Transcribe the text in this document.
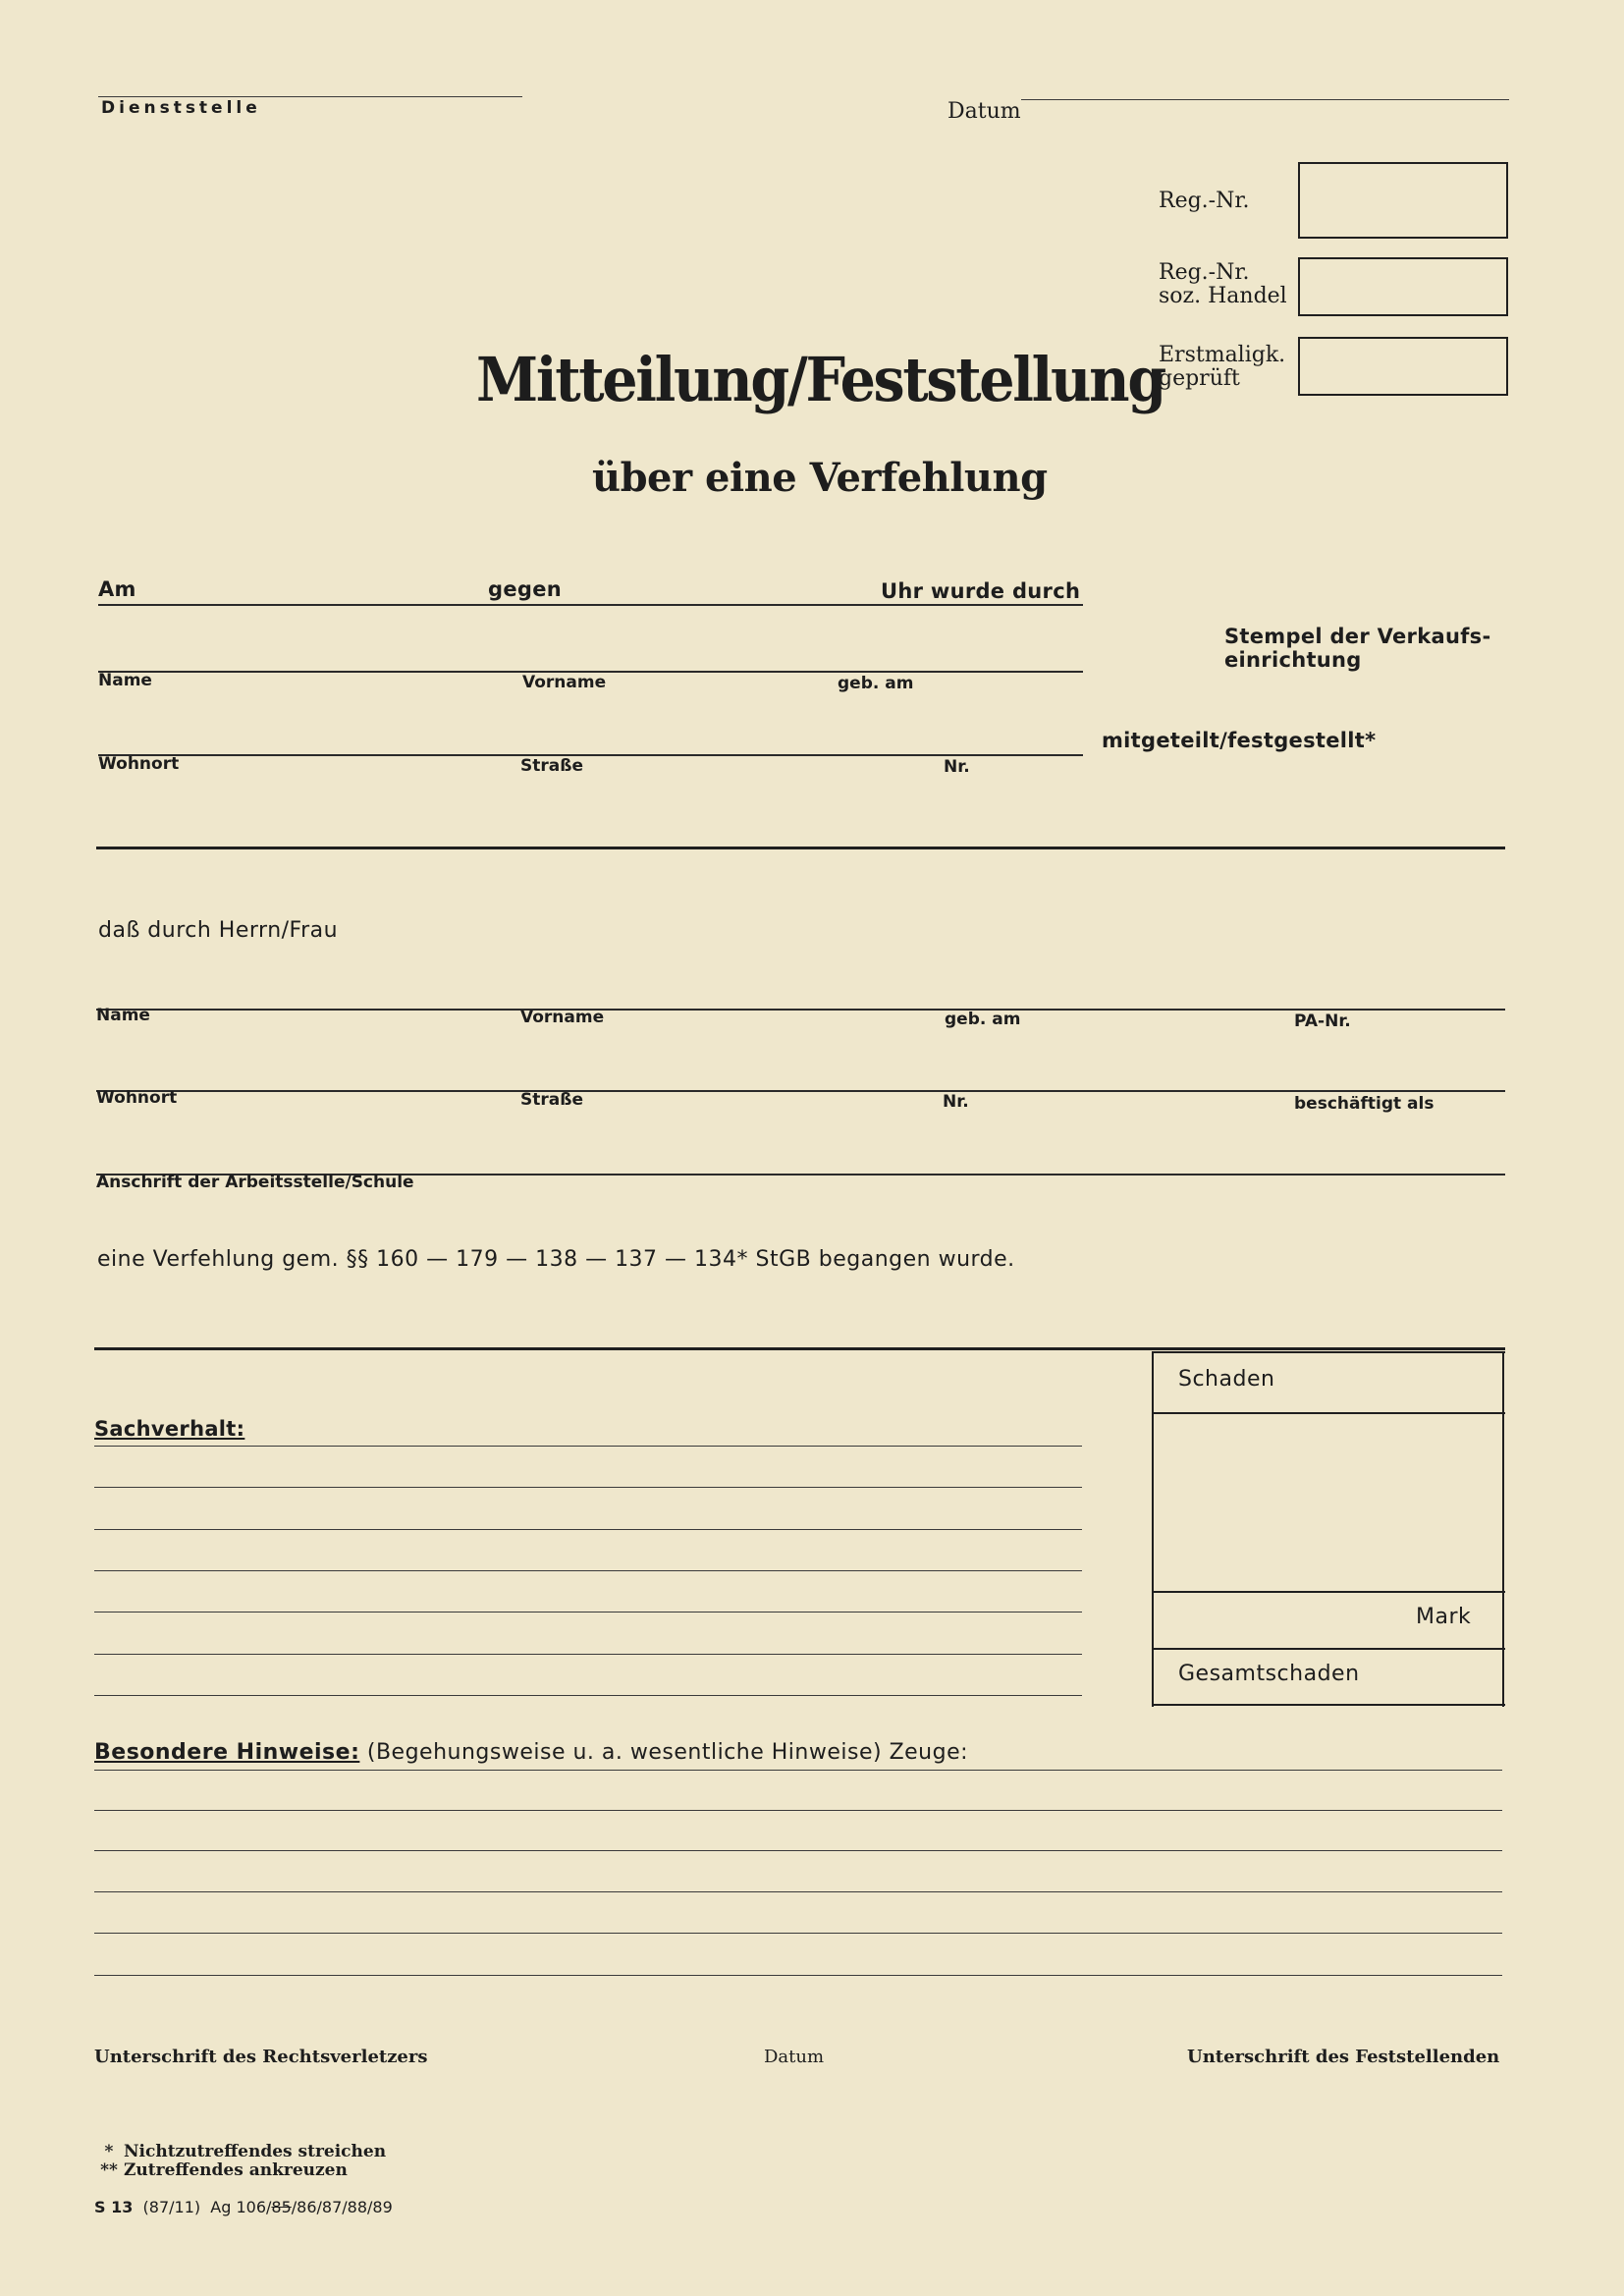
Dienststelle	Datum
Reg.-Nr.
Reg.-Nr.
soz. Handel
Erstmaligk.
geprüft
Mitteilung/Feststellung
über eine Verfehlung
Am	gegen	Uhr wurde durch
Name	Vorname	geb. am
Wohnort	Straße	Nr.
Stempel der Verkaufs-
einrichtung
mitgeteilt/festgestellt*
daß durch Herrn/Frau
Name	Vorname	geb. am	PA-Nr.
Wohnort	Straße	Nr.	beschäftigt als
Anschrift der Arbeitsstelle/Schule
eine Verfehlung gem. §§ 160 — 179 — 138 — 137 — 134* StGB begangen wurde.
Sachverhalt:
Schaden
Mark
Gesamtschaden
Besondere Hinweise: (Begehungsweise u. a. wesentliche Hinweise) Zeuge:
Unterschrift des Rechtsverletzers	Datum	Unterschrift des Feststellenden
* Nichtzutreffendes streichen
** Zutreffendes ankreuzen
S 13 (87/11) Ag 106/85/86/87/88/89
